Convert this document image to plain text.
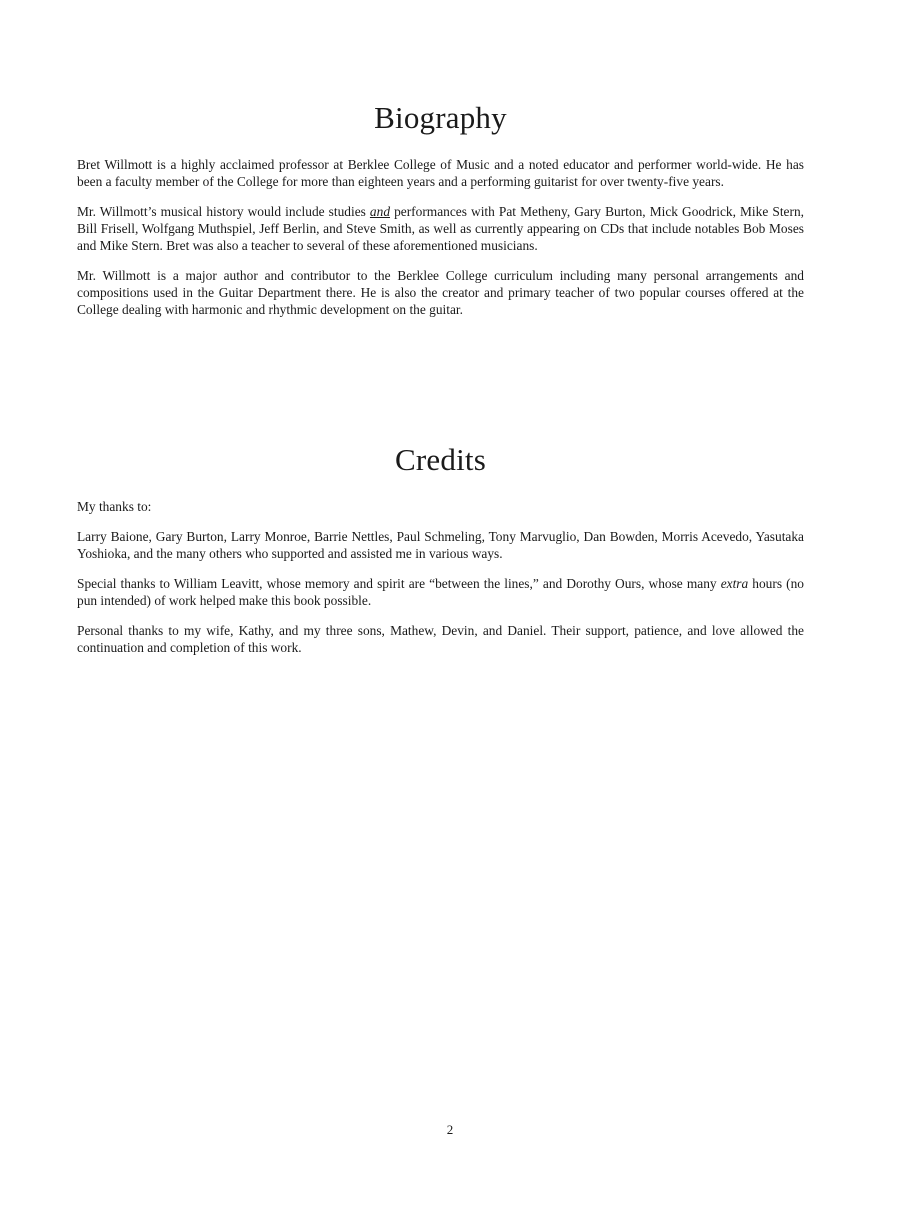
Biography

Bret Willmott is a highly acclaimed professor at Berklee College of Music and a noted educator and performer world-wide. He has been a faculty member of the College for more than eighteen years and a performing guitarist for over twenty-five years.

Mr. Willmott’s musical history would include studies and performances with Pat Metheny, Gary Burton, Mick Goodrick, Mike Stern, Bill Frisell, Wolfgang Muthspiel, Jeff Berlin, and Steve Smith, as well as currently appearing on CDs that include notables Bob Moses and Mike Stern. Bret was also a teacher to several of these aforementioned musicians.

Mr. Willmott is a major author and contributor to the Berklee College curriculum including many personal arrangements and compositions used in the Guitar Department there. He is also the creator and primary teacher of two popular courses offered at the College dealing with harmonic and rhythmic development on the guitar.

Credits

My thanks to:

Larry Baione, Gary Burton, Larry Monroe, Barrie Nettles, Paul Schmeling, Tony Marvuglio, Dan Bowden, Morris Acevedo, Yasutaka Yoshioka, and the many others who supported and assisted me in various ways.

Special thanks to William Leavitt, whose memory and spirit are “between the lines,” and Dorothy Ours, whose many extra hours (no pun intended) of work helped make this book possible.

Personal thanks to my wife, Kathy, and my three sons, Mathew, Devin, and Daniel. Their support, patience, and love allowed the continuation and completion of this work.

2
